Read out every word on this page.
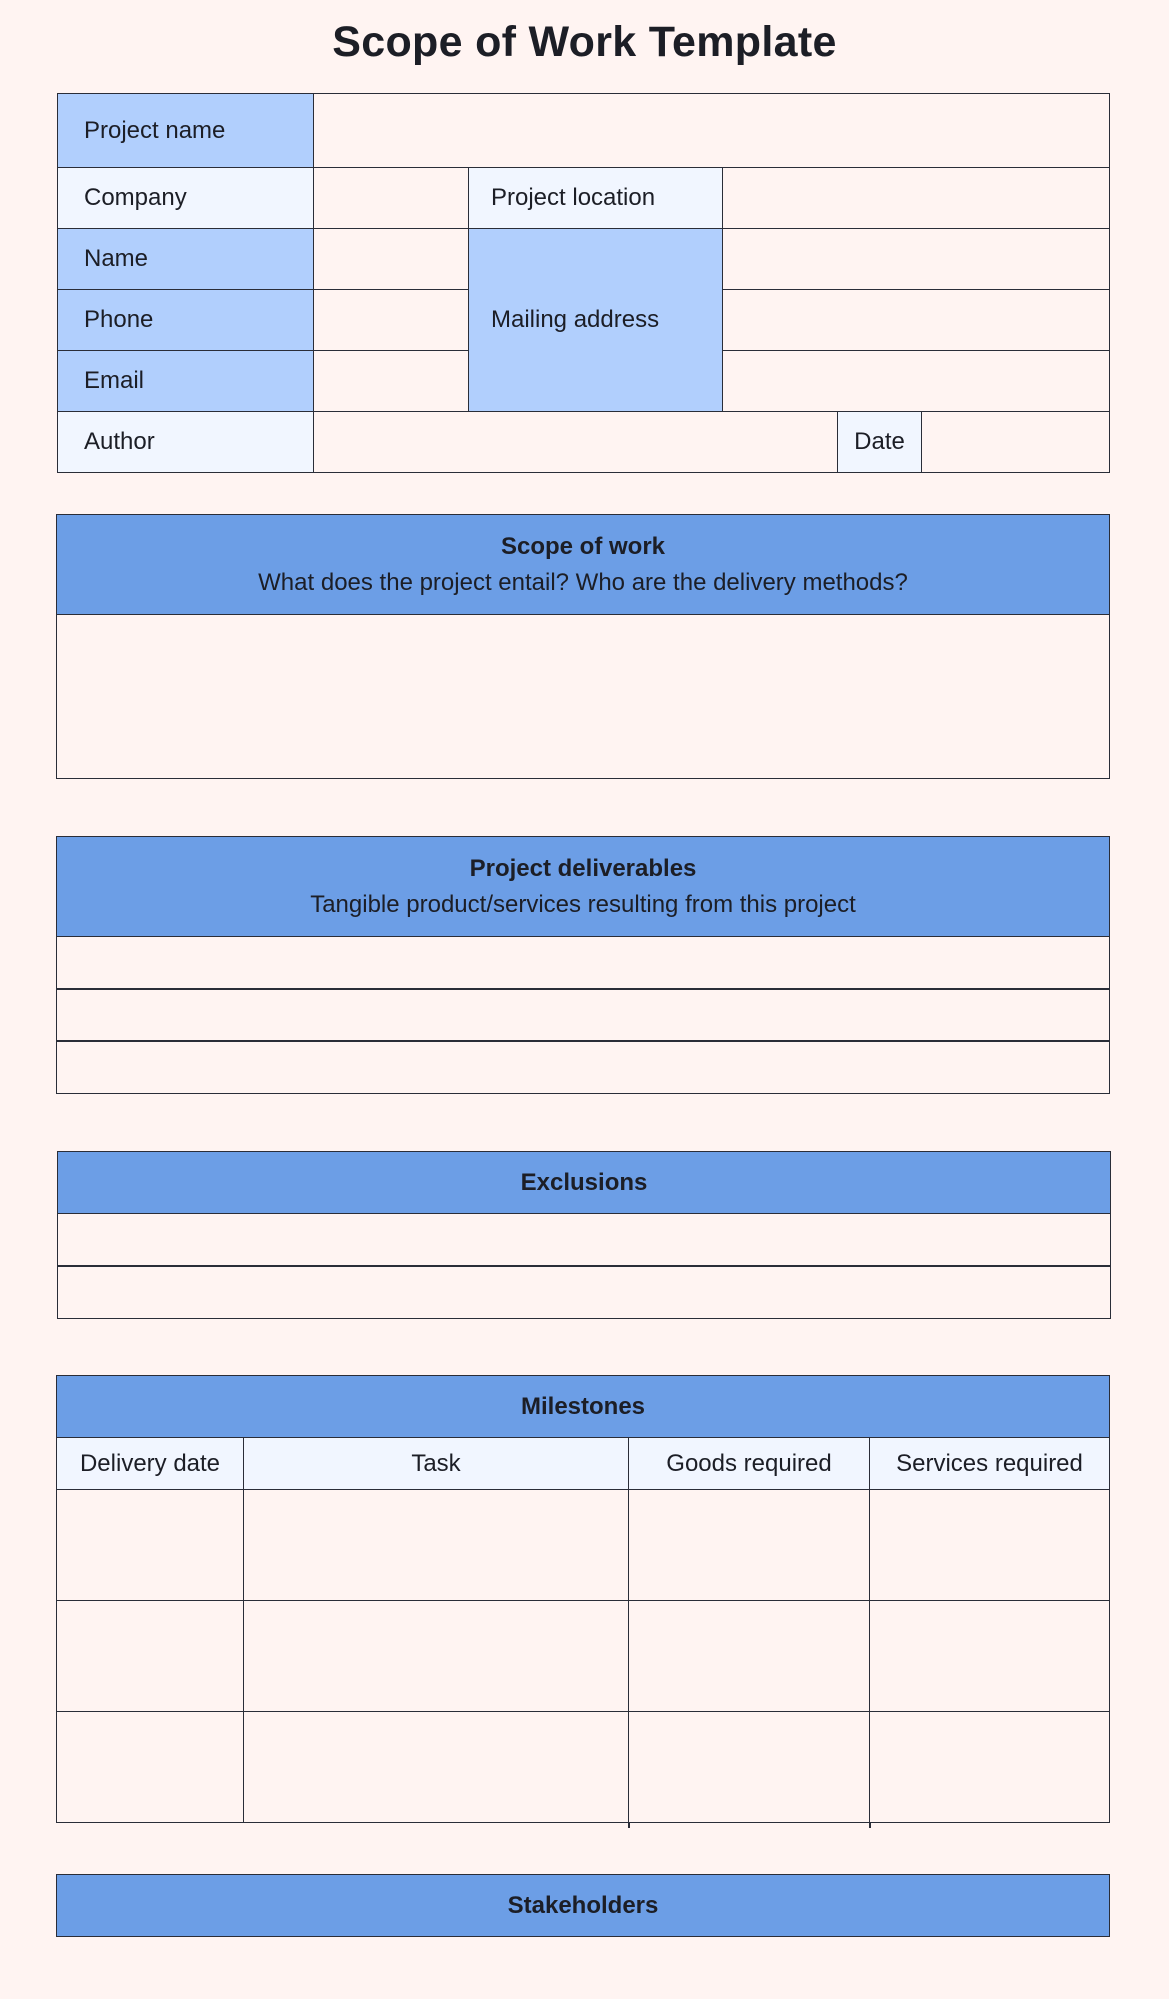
Scope of Work Template
Project name
Company	Project location
Name
Phone
Email
Mailing address
Author	Date
Scope of work
What does the project entail? Who are the delivery methods?
Project deliverables
Tangible product/services resulting from this project
Exclusions
Milestones
Delivery date	Task	Goods required	Services required
Stakeholders
